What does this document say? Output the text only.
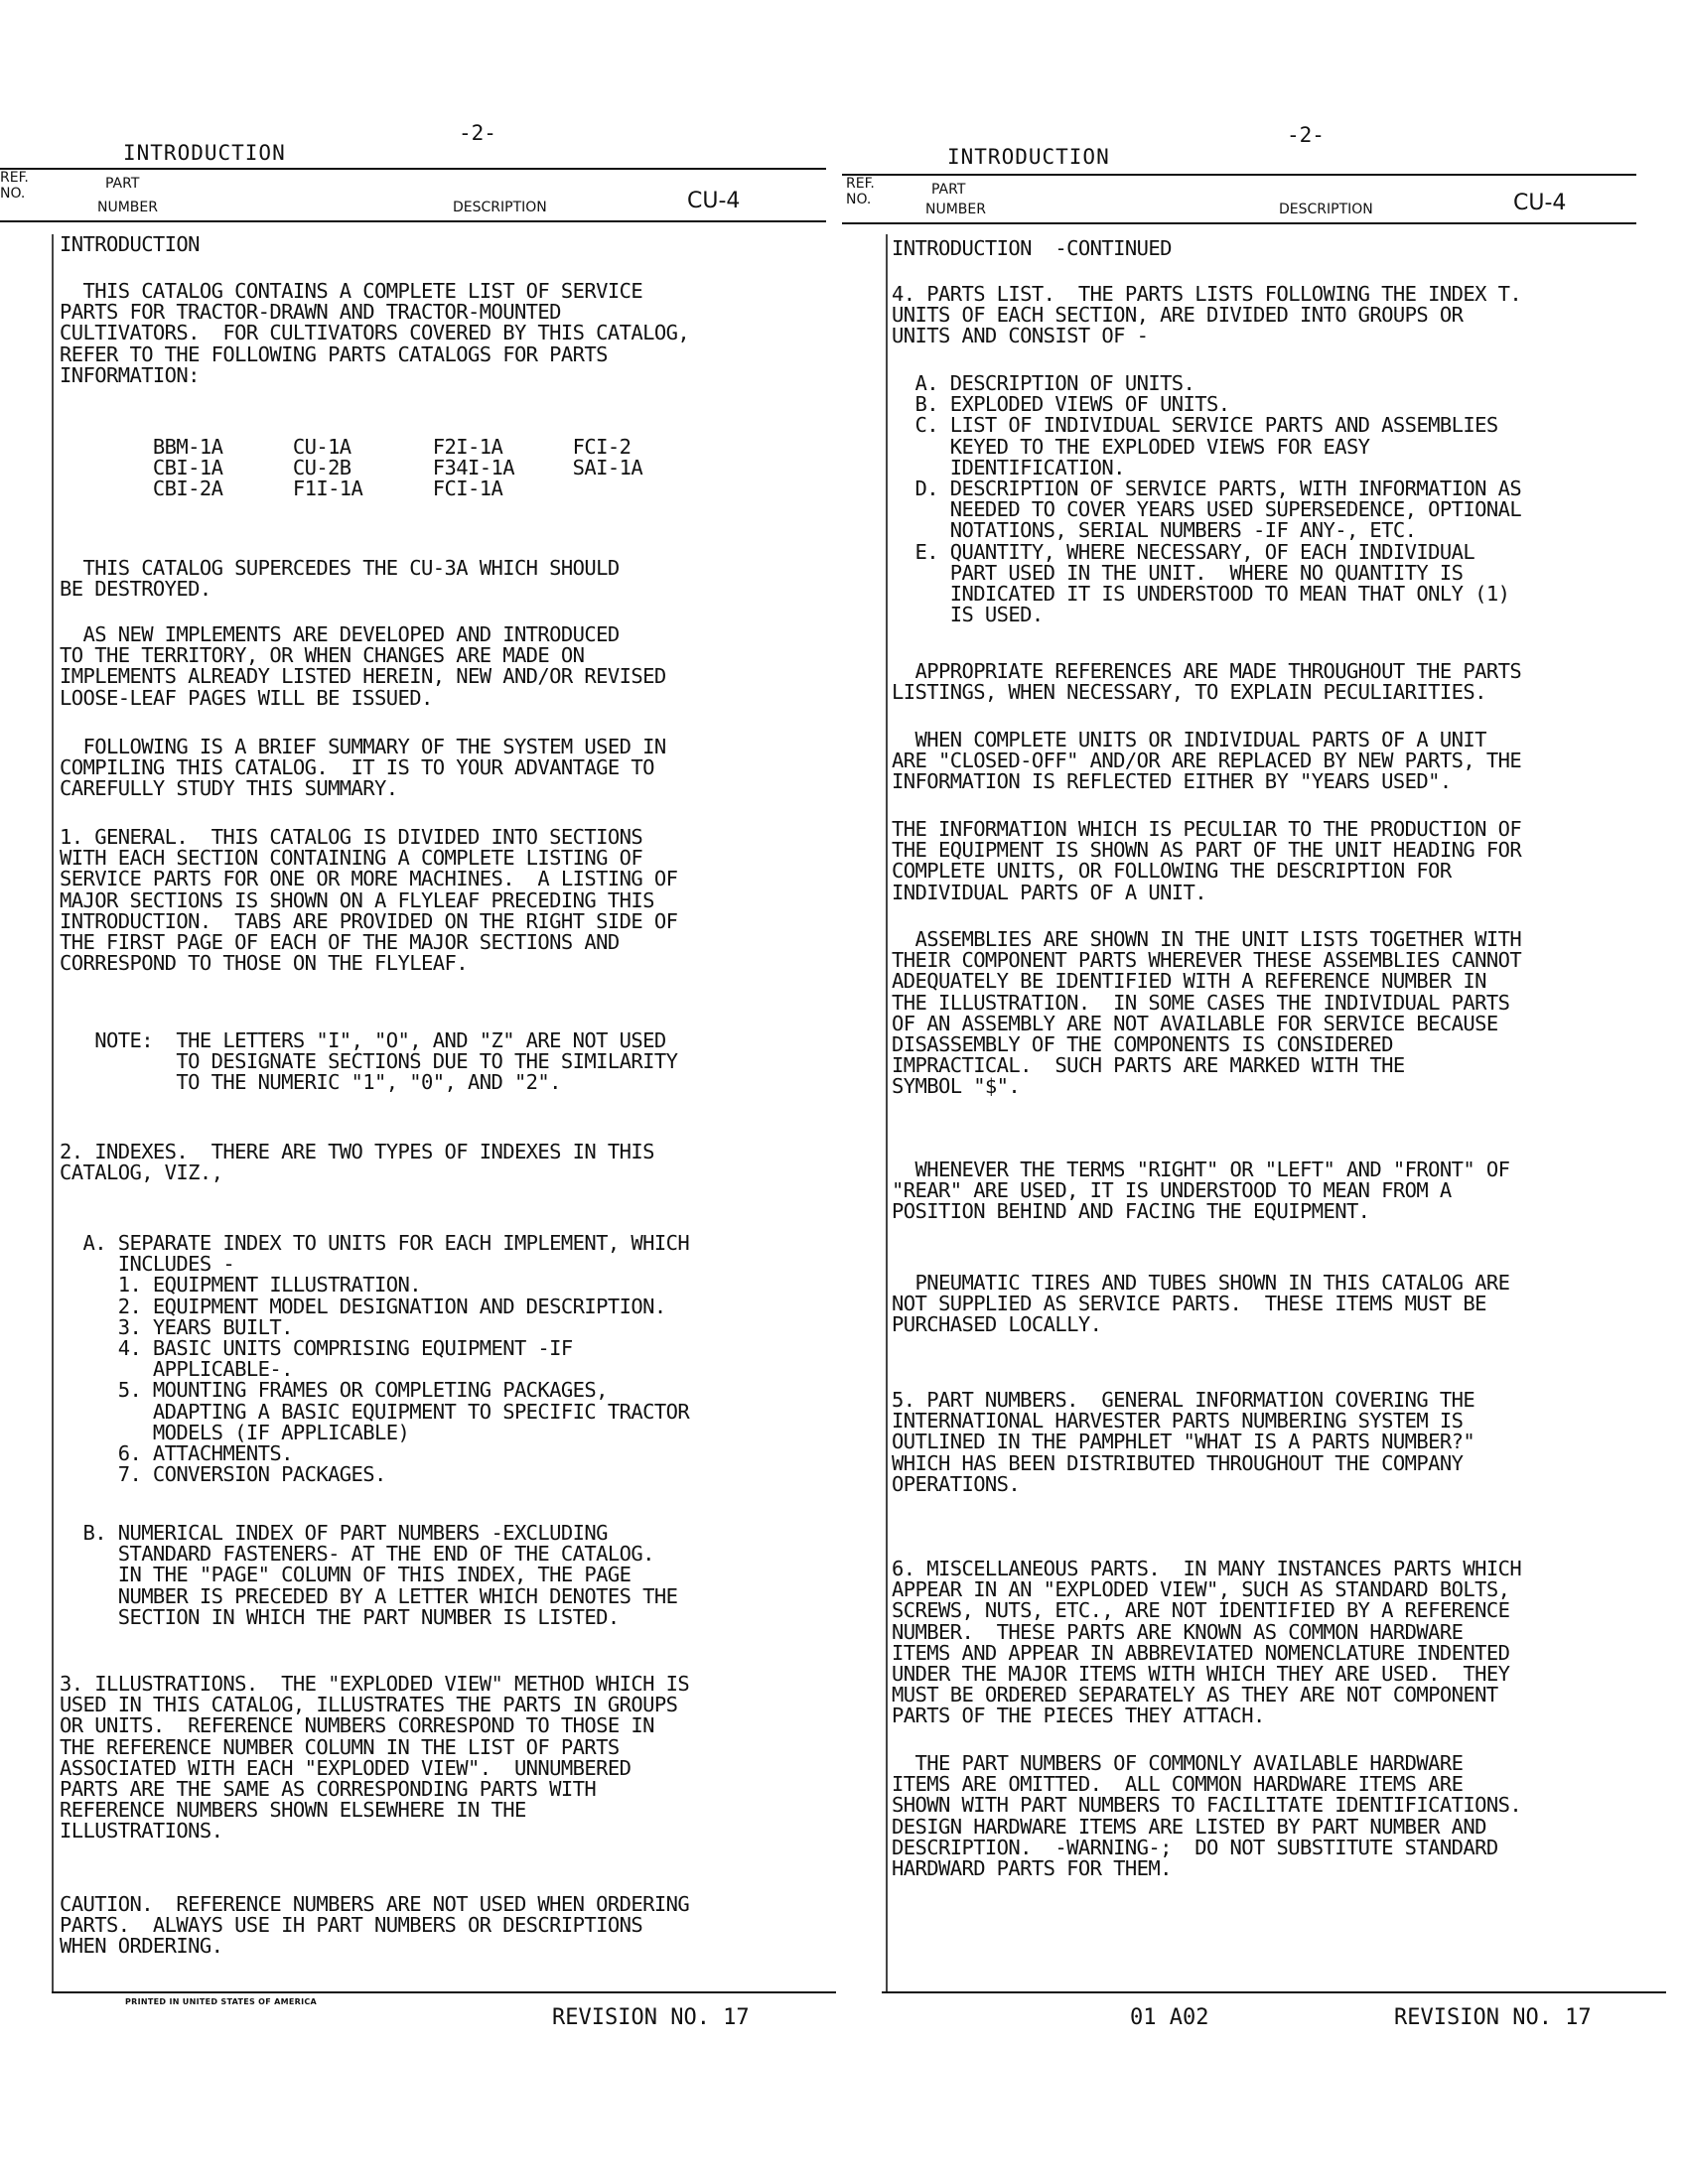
INTRODUCTION
-2-
REF.
NO.
PART
NUMBER	DESCRIPTION	CU-4

INTRODUCTION

THIS CATALOG CONTAINS A COMPLETE LIST OF SERVICE
PARTS FOR TRACTOR-DRAWN AND TRACTOR-MOUNTED
CULTIVATORS.  FOR CULTIVATORS COVERED BY THIS CATALOG,
REFER TO THE FOLLOWING PARTS CATALOGS FOR PARTS
INFORMATION:

BBM-1A      CU-1A       F2I-1A      FCI-2
CBI-1A      CU-2B       F34I-1A     SAI-1A
CBI-2A      F1I-1A      FCI-1A

THIS CATALOG SUPERCEDES THE CU-3A WHICH SHOULD
BE DESTROYED.

AS NEW IMPLEMENTS ARE DEVELOPED AND INTRODUCED
TO THE TERRITORY, OR WHEN CHANGES ARE MADE ON
IMPLEMENTS ALREADY LISTED HEREIN, NEW AND/OR REVISED
LOOSE-LEAF PAGES WILL BE ISSUED.

FOLLOWING IS A BRIEF SUMMARY OF THE SYSTEM USED IN
COMPILING THIS CATALOG.  IT IS TO YOUR ADVANTAGE TO
CAREFULLY STUDY THIS SUMMARY.

1. GENERAL.  THIS CATALOG IS DIVIDED INTO SECTIONS
WITH EACH SECTION CONTAINING A COMPLETE LISTING OF
SERVICE PARTS FOR ONE OR MORE MACHINES.  A LISTING OF
MAJOR SECTIONS IS SHOWN ON A FLYLEAF PRECEDING THIS
INTRODUCTION.  TABS ARE PROVIDED ON THE RIGHT SIDE OF
THE FIRST PAGE OF EACH OF THE MAJOR SECTIONS AND
CORRESPOND TO THOSE ON THE FLYLEAF.

NOTE:  THE LETTERS "I", "O", AND "Z" ARE NOT USED
TO DESIGNATE SECTIONS DUE TO THE SIMILARITY
TO THE NUMERIC "1", "0", AND "2".

2. INDEXES.  THERE ARE TWO TYPES OF INDEXES IN THIS
CATALOG, VIZ.,

A. SEPARATE INDEX TO UNITS FOR EACH IMPLEMENT, WHICH
INCLUDES -
1. EQUIPMENT ILLUSTRATION.
2. EQUIPMENT MODEL DESIGNATION AND DESCRIPTION.
3. YEARS BUILT.
4. BASIC UNITS COMPRISING EQUIPMENT -IF
APPLICABLE-.
5. MOUNTING FRAMES OR COMPLETING PACKAGES,
ADAPTING A BASIC EQUIPMENT TO SPECIFIC TRACTOR
MODELS (IF APPLICABLE)
6. ATTACHMENTS.
7. CONVERSION PACKAGES.

B. NUMERICAL INDEX OF PART NUMBERS -EXCLUDING
STANDARD FASTENERS- AT THE END OF THE CATALOG.
IN THE "PAGE" COLUMN OF THIS INDEX, THE PAGE
NUMBER IS PRECEDED BY A LETTER WHICH DENOTES THE
SECTION IN WHICH THE PART NUMBER IS LISTED.

3. ILLUSTRATIONS.  THE "EXPLODED VIEW" METHOD WHICH IS
USED IN THIS CATALOG, ILLUSTRATES THE PARTS IN GROUPS
OR UNITS.  REFERENCE NUMBERS CORRESPOND TO THOSE IN
THE REFERENCE NUMBER COLUMN IN THE LIST OF PARTS
ASSOCIATED WITH EACH "EXPLODED VIEW".  UNNUMBERED
PARTS ARE THE SAME AS CORRESPONDING PARTS WITH
REFERENCE NUMBERS SHOWN ELSEWHERE IN THE
ILLUSTRATIONS.

CAUTION.  REFERENCE NUMBERS ARE NOT USED WHEN ORDERING
PARTS.  ALWAYS USE IH PART NUMBERS OR DESCRIPTIONS
WHEN ORDERING.

PRINTED IN UNITED STATES OF AMERICA
REVISION NO. 17
INTRODUCTION
-2-
REF.
NO.
PART
NUMBER	DESCRIPTION	CU-4

INTRODUCTION  -CONTINUED

4. PARTS LIST.  THE PARTS LISTS FOLLOWING THE INDEX T.
UNITS OF EACH SECTION, ARE DIVIDED INTO GROUPS OR
UNITS AND CONSIST OF -

A. DESCRIPTION OF UNITS.
B. EXPLODED VIEWS OF UNITS.
C. LIST OF INDIVIDUAL SERVICE PARTS AND ASSEMBLIES
KEYED TO THE EXPLODED VIEWS FOR EASY
IDENTIFICATION.
D. DESCRIPTION OF SERVICE PARTS, WITH INFORMATION AS
NEEDED TO COVER YEARS USED SUPERSEDENCE, OPTIONAL
NOTATIONS, SERIAL NUMBERS -IF ANY-, ETC.
E. QUANTITY, WHERE NECESSARY, OF EACH INDIVIDUAL
PART USED IN THE UNIT.  WHERE NO QUANTITY IS
INDICATED IT IS UNDERSTOOD TO MEAN THAT ONLY (1)
IS USED.

APPROPRIATE REFERENCES ARE MADE THROUGHOUT THE PARTS
LISTINGS, WHEN NECESSARY, TO EXPLAIN PECULIARITIES.

WHEN COMPLETE UNITS OR INDIVIDUAL PARTS OF A UNIT
ARE "CLOSED-OFF" AND/OR ARE REPLACED BY NEW PARTS, THE
INFORMATION IS REFLECTED EITHER BY "YEARS USED".

THE INFORMATION WHICH IS PECULIAR TO THE PRODUCTION OF
THE EQUIPMENT IS SHOWN AS PART OF THE UNIT HEADING FOR
COMPLETE UNITS, OR FOLLOWING THE DESCRIPTION FOR
INDIVIDUAL PARTS OF A UNIT.

ASSEMBLIES ARE SHOWN IN THE UNIT LISTS TOGETHER WITH
THEIR COMPONENT PARTS WHEREVER THESE ASSEMBLIES CANNOT
ADEQUATELY BE IDENTIFIED WITH A REFERENCE NUMBER IN
THE ILLUSTRATION.  IN SOME CASES THE INDIVIDUAL PARTS
OF AN ASSEMBLY ARE NOT AVAILABLE FOR SERVICE BECAUSE
DISASSEMBLY OF THE COMPONENTS IS CONSIDERED
IMPRACTICAL.  SUCH PARTS ARE MARKED WITH THE
SYMBOL "$".

WHENEVER THE TERMS "RIGHT" OR "LEFT" AND "FRONT" OF
"REAR" ARE USED, IT IS UNDERSTOOD TO MEAN FROM A
POSITION BEHIND AND FACING THE EQUIPMENT.

PNEUMATIC TIRES AND TUBES SHOWN IN THIS CATALOG ARE
NOT SUPPLIED AS SERVICE PARTS.  THESE ITEMS MUST BE
PURCHASED LOCALLY.

5. PART NUMBERS.  GENERAL INFORMATION COVERING THE
INTERNATIONAL HARVESTER PARTS NUMBERING SYSTEM IS
OUTLINED IN THE PAMPHLET "WHAT IS A PARTS NUMBER?"
WHICH HAS BEEN DISTRIBUTED THROUGHOUT THE COMPANY
OPERATIONS.

6. MISCELLANEOUS PARTS.  IN MANY INSTANCES PARTS WHICH
APPEAR IN AN "EXPLODED VIEW", SUCH AS STANDARD BOLTS,
SCREWS, NUTS, ETC., ARE NOT IDENTIFIED BY A REFERENCE
NUMBER.  THESE PARTS ARE KNOWN AS COMMON HARDWARE
ITEMS AND APPEAR IN ABBREVIATED NOMENCLATURE INDENTED
UNDER THE MAJOR ITEMS WITH WHICH THEY ARE USED.  THEY
MUST BE ORDERED SEPARATELY AS THEY ARE NOT COMPONENT
PARTS OF THE PIECES THEY ATTACH.

THE PART NUMBERS OF COMMONLY AVAILABLE HARDWARE
ITEMS ARE OMITTED.  ALL COMMON HARDWARE ITEMS ARE
SHOWN WITH PART NUMBERS TO FACILITATE IDENTIFICATIONS.
DESIGN HARDWARE ITEMS ARE LISTED BY PART NUMBER AND
DESCRIPTION.  -WARNING-;  DO NOT SUBSTITUTE STANDARD
HARDWARD PARTS FOR THEM.

01 A02	REVISION NO. 17
